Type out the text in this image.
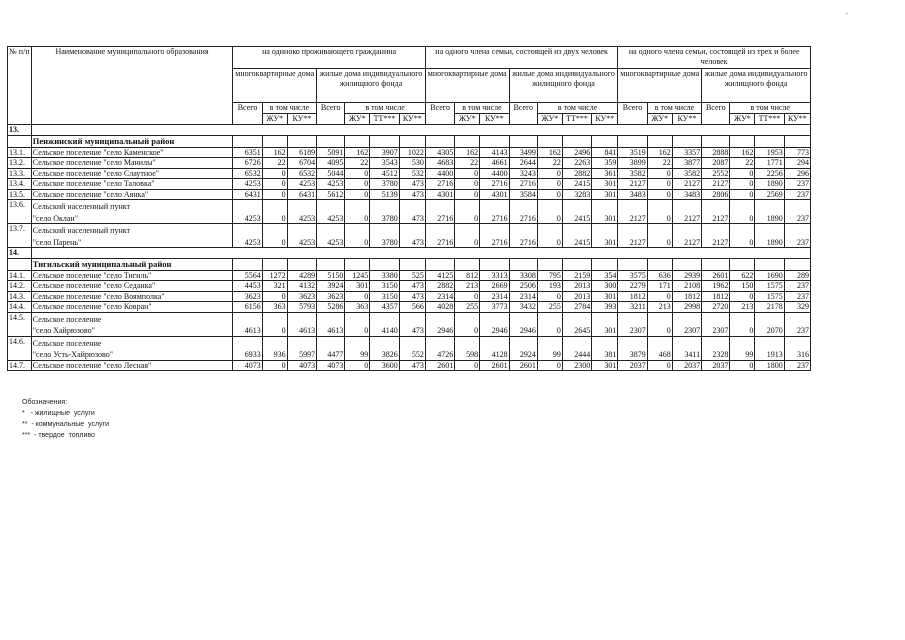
-
№ п/п	Наименование муниципального образования	на одиноко проживающего гражданина							на одного члена семьи, состоящей из двух человек							на одного члена семьи, состоящей из трех и более человек						
		многоквартирные дома			жилые дома индивидуального жилищного фонда				многоквартирные дома			жилые дома индивидуального жилищного фонда				многоквартирные дома			жилые дома индивидуального жилищного фонда			
		Всего	в том числе		Всего	в том числе			Всего	в том числе		Всего	в том числе			Всего	в том числе		Всего	в том числе		
			ЖУ*	КУ**		ЖУ*	ТТ***	КУ**		ЖУ*	КУ**		ЖУ*	ТТ***	КУ**		ЖУ*	КУ**		ЖУ*	ТТ***	КУ**
13.																						
	Пенжинский муниципальный район																					
13.1.	Сельское поселение "село Каменское"	6351	162	6189	5091	162	3907	1022	4305	162	4143	3499	162	2496	841	3519	162	3357	2888	162	1953	773
13.2.	Сельское поселение "село Манилы"	6726	22	6704	4095	22	3543	530	4683	22	4661	2644	22	2263	359	3899	22	3877	2087	22	1771	294
13.3.	Сельское поселение "село Слаутное"	6532	0	6532	5044	0	4512	532	4400	0	4400	3243	0	2882	361	3582	0	3582	2552	0	2256	296
13.4.	Сельское поселение "село Таловка"	4253	0	4253	4253	0	3780	473	2716	0	2716	2716	0	2415	301	2127	0	2127	2127	0	1890	237
13.5.	Сельское поселение "село Аянка"	6431	0	6431	5612	0	5139	473	4301	0	4301	3584	0	3283	301	3483	0	3483	2806	0	2569	237
13.6.	Сельский населенный пункт	4253	0	4253	4253	0	3780	473	2716	0	2716	2716	0	2415	301	2127	0	2127	2127	0	1890	237
	"село Оклан"																					
13.7.	Сельский населенный пункт	4253	0	4253	4253	0	3780	473	2716	0	2716	2716	0	2415	301	2127	0	2127	2127	0	1890	237
	"село Парень"																					
14.																						
	Тигильский муниципальный район																					
14.1.	Сельское поселение "село Тигиль"	5564	1272	4289	5150	1245	3380	525	4125	812	3313	3308	795	2159	354	3575	636	2939	2601	622	1690	289
14.2.	Сельское поселение "село Седанка"	4453	321	4132	3924	301	3150	473	2882	213	2669	2506	193	2013	300	2279	171	2108	1962	150	1575	237
14.3.	Сельское поселение "село Воямполка"	3623	0	3623	3623	0	3150	473	2314	0	2314	2314	0	2013	301	1812	0	1812	1812	0	1575	237
14.4.	Сельское поселение "село Ковран"	6156	363	5793	5286	363	4357	566	4028	255	3773	3432	255	2784	393	3211	213	2998	2720	213	2178	329
14.5.	Сельское поселение	4613	0	4613	4613	0	4140	473	2946	0	2946	2946	0	2645	301	2307	0	2307	2307	0	2070	237
	"село Хайрюзово"																					
14.6.	Сельское поселение	6933	936	5997	4477	99	3826	552	4726	598	4128	2924	99	2444	381	3879	468	3411	2328	99	1913	316
	"село Усть-Хайрюзово"																					
14.7.	Сельское поселение "село Лесная"	4073	0	4073	4073	0	3600	473	2601	0	2601	2601	0	2300	301	2037	0	2037	2037	0	1800	237
Обозначения:
*   - жилищные  услуги
**  - коммунальные  услуги
***  - твердое  топливо
